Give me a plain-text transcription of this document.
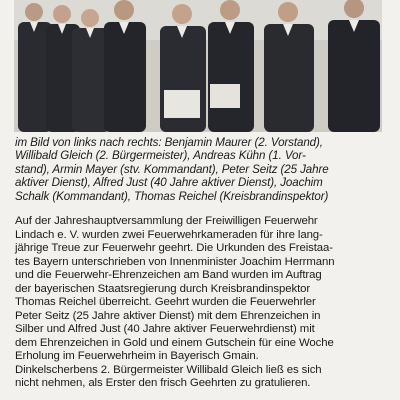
im Bild von links nach rechts: Benjamin Maurer (2. Vorstand),
Willibald Gleich (2. Bürgermeister), Andreas Kühn (1. Vor-
stand), Armin Mayer (stv. Kommandant), Peter Seitz (25 Jahre
aktiver Dienst), Alfred Just (40 Jahre aktiver Dienst), Joachim
Schalk (Kommandant), Thomas Reichel (Kreisbrandinspektor)
Auf der Jahreshauptversammlung der Freiwilligen Feuerwehr
Lindach e. V. wurden zwei Feuerwehrkameraden für ihre lang-
jährige Treue zur Feuerwehr geehrt. Die Urkunden des Freistaa-
tes Bayern unterschrieben von Innenminister Joachim Herrmann
und die Feuerwehr-Ehrenzeichen am Band wurden im Auftrag
der bayerischen Staatsregierung durch Kreisbrandinspektor
Thomas Reichel überreicht. Geehrt wurden die Feuerwehrler
Peter Seitz (25 Jahre aktiver Dienst) mit dem Ehrenzeichen in
Silber und Alfred Just (40 Jahre aktiver Feuerwehrdienst) mit
dem Ehrenzeichen in Gold und einem Gutschein für eine Woche
Erholung im Feuerwehrheim in Bayerisch Gmain.
Dinkelscherbens 2. Bürgermeister Willibald Gleich ließ es sich
nicht nehmen, als Erster den frisch Geehrten zu gratulieren.
